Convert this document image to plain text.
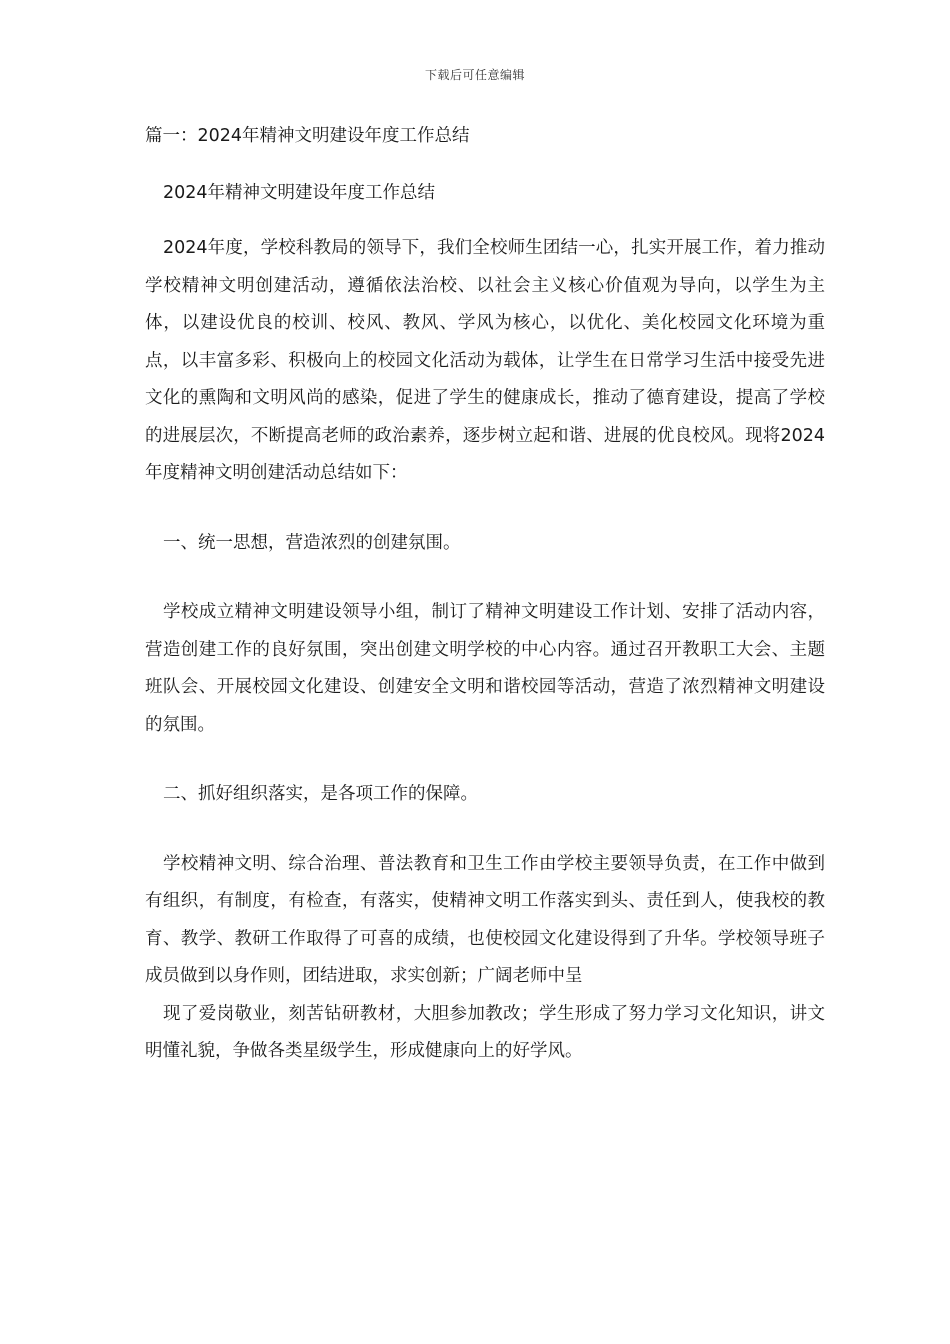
下载后可任意编辑

篇一：2024年精神文明建设年度工作总结

2024年精神文明建设年度工作总结

2024年度，学校科教局的领导下，我们全校师生团结一心，扎实开展工作，着力推动学校精神文明创建活动，遵循依法治校、以社会主义核心价值观为导向，以学生为主体，以建设优良的校训、校风、教风、学风为核心，以优化、美化校园文化环境为重点，以丰富多彩、积极向上的校园文化活动为载体，让学生在日常学习生活中接受先进文化的熏陶和文明风尚的感染，促进了学生的健康成长，推动了德育建设，提高了学校的进展层次，不断提高老师的政治素养，逐步树立起和谐、进展的优良校风。现将2024年度精神文明创建活动总结如下：

一、统一思想，营造浓烈的创建氛围。

学校成立精神文明建设领导小组，制订了精神文明建设工作计划、安排了活动内容，营造创建工作的良好氛围，突出创建文明学校的中心内容。通过召开教职工大会、主题班队会、开展校园文化建设、创建安全文明和谐校园等活动，营造了浓烈精神文明建设的氛围。

二、抓好组织落实，是各项工作的保障。

学校精神文明、综合治理、普法教育和卫生工作由学校主要领导负责，在工作中做到有组织，有制度，有检查，有落实，使精神文明工作落实到头、责任到人，使我校的教育、教学、教研工作取得了可喜的成绩，也使校园文化建设得到了升华。学校领导班子成员做到以身作则，团结进取，求实创新；广阔老师中呈

现了爱岗敬业，刻苦钻研教材，大胆参加教改；学生形成了努力学习文化知识，讲文明懂礼貌，争做各类星级学生，形成健康向上的好学风。
